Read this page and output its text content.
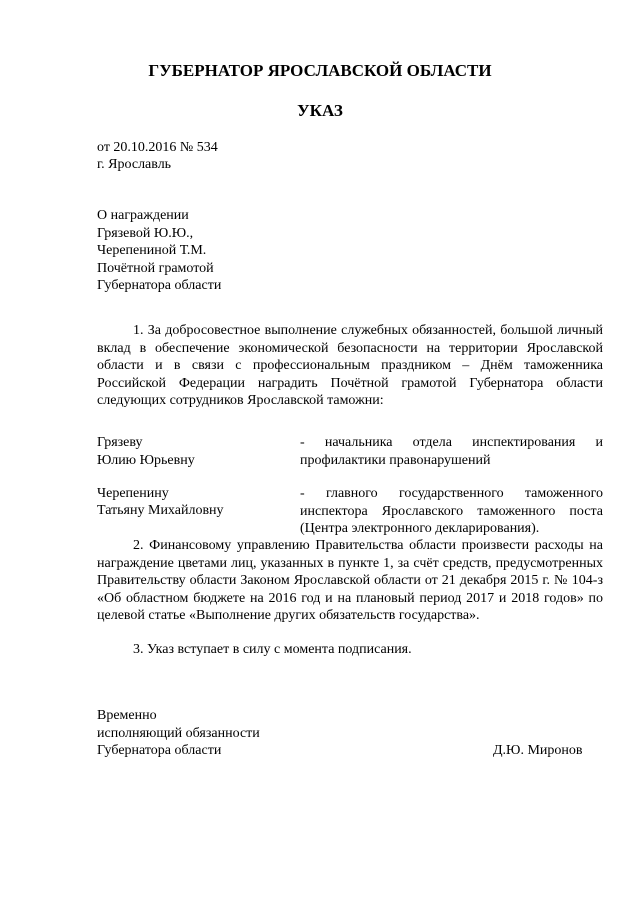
ГУБЕРНАТОР ЯРОСЛАВСКОЙ ОБЛАСТИ

УКАЗ

от 20.10.2016 № 534

г. Ярославль

О награждении

Грязевой Ю.Ю.,

Черепениной Т.М.

Почётной грамотой

Губернатора области

1. За добросовестное выполнение служебных обязанностей, большой личный вклад в обеспечение экономической безопасности на территории Ярославской области и в связи с профессиональным праздником – Днём таможенника Российской Федерации наградить Почётной грамотой Губернатора области следующих сотрудников Ярославской таможни:

Грязеву

Юлию Юрьевну

- начальника отдела инспектирования и профилактики правонарушений

Черепенину

Татьяну Михайловну

- главного государственного таможенного инспектора Ярославского таможенного поста (Центра электронного декларирования).

2. Финансовому управлению Правительства области произвести расходы на награждение цветами лиц, указанных в пункте 1, за счёт средств, предусмотренных Правительству области Законом Ярославской области от 21 декабря 2015 г. № 104-з «Об областном бюджете на 2016 год и на плановый период 2017 и 2018 годов» по целевой статье «Выполнение других обязательств государства».

3. Указ вступает в силу с момента подписания.

Временно

исполняющий обязанности

Губернатора области	Д.Ю. Миронов
